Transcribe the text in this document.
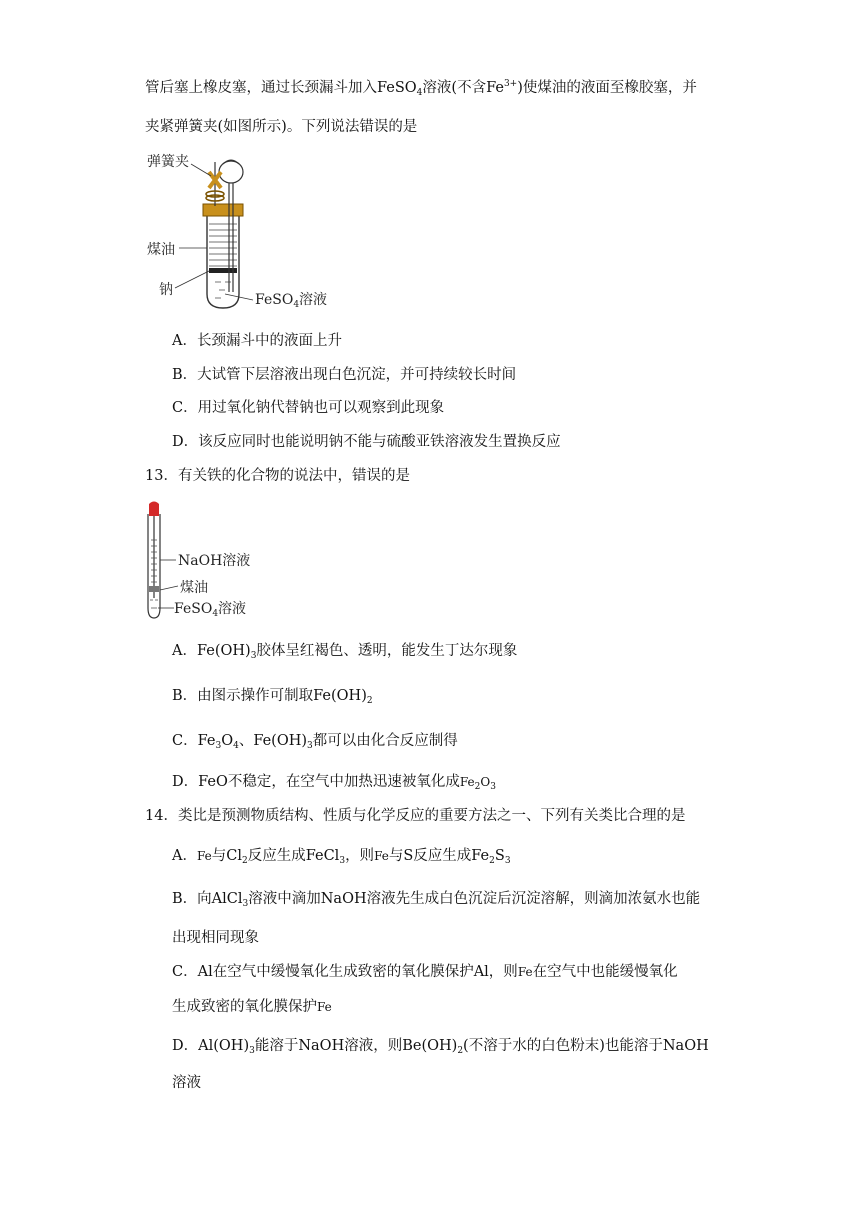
管后塞上橡皮塞，通过长颈漏斗加入FeSO$_4$溶液(不含$Fe^{3+}$)使煤油的液面至橡胶塞，并
夹紧弹簧夹(如图所示)。下列说法错误的是
弹簧夹
煤油
钠
FeSO$_4$溶液
A．长颈漏斗中的液面上升
B．大试管下层溶液出现白色沉淀，并可持续较长时间
C．用过氧化钠代替钠也可以观察到此现象
D．该反应同时也能说明钠不能与硫酸亚铁溶液发生置换反应
13．有关铁的化合物的说法中，错误的是
NaOH溶液
煤油
FeSO$_4$溶液
A．$Fe(OH)_3$胶体呈红褐色、透明，能发生丁达尔现象
B．由图示操作可制取$Fe(OH)_2$
C．$Fe_3O_4$、$Fe(OH)_3$都可以由化合反应制得
D．FeO不稳定，在空气中加热迅速被氧化成$Fe_2O_3$
14．类比是预测物质结构、性质与化学反应的重要方法之一、下列有关类比合理的是
A．Fe与$Cl_2$反应生成FeCl$_3$，则Fe与S反应生成$Fe_2S_3$
B．向AlCl$_3$溶液中滴加NaOH溶液先生成白色沉淀后沉淀溶解，则滴加浓氨水也能
出现相同现象
C．Al在空气中缓慢氧化生成致密的氧化膜保护Al，则Fe在空气中也能缓慢氧化
生成致密的氧化膜保护Fe
D．$Al(OH)_3$能溶于NaOH溶液，则$Be(OH)_2$(不溶于水的白色粉末)也能溶于NaOH
溶液
